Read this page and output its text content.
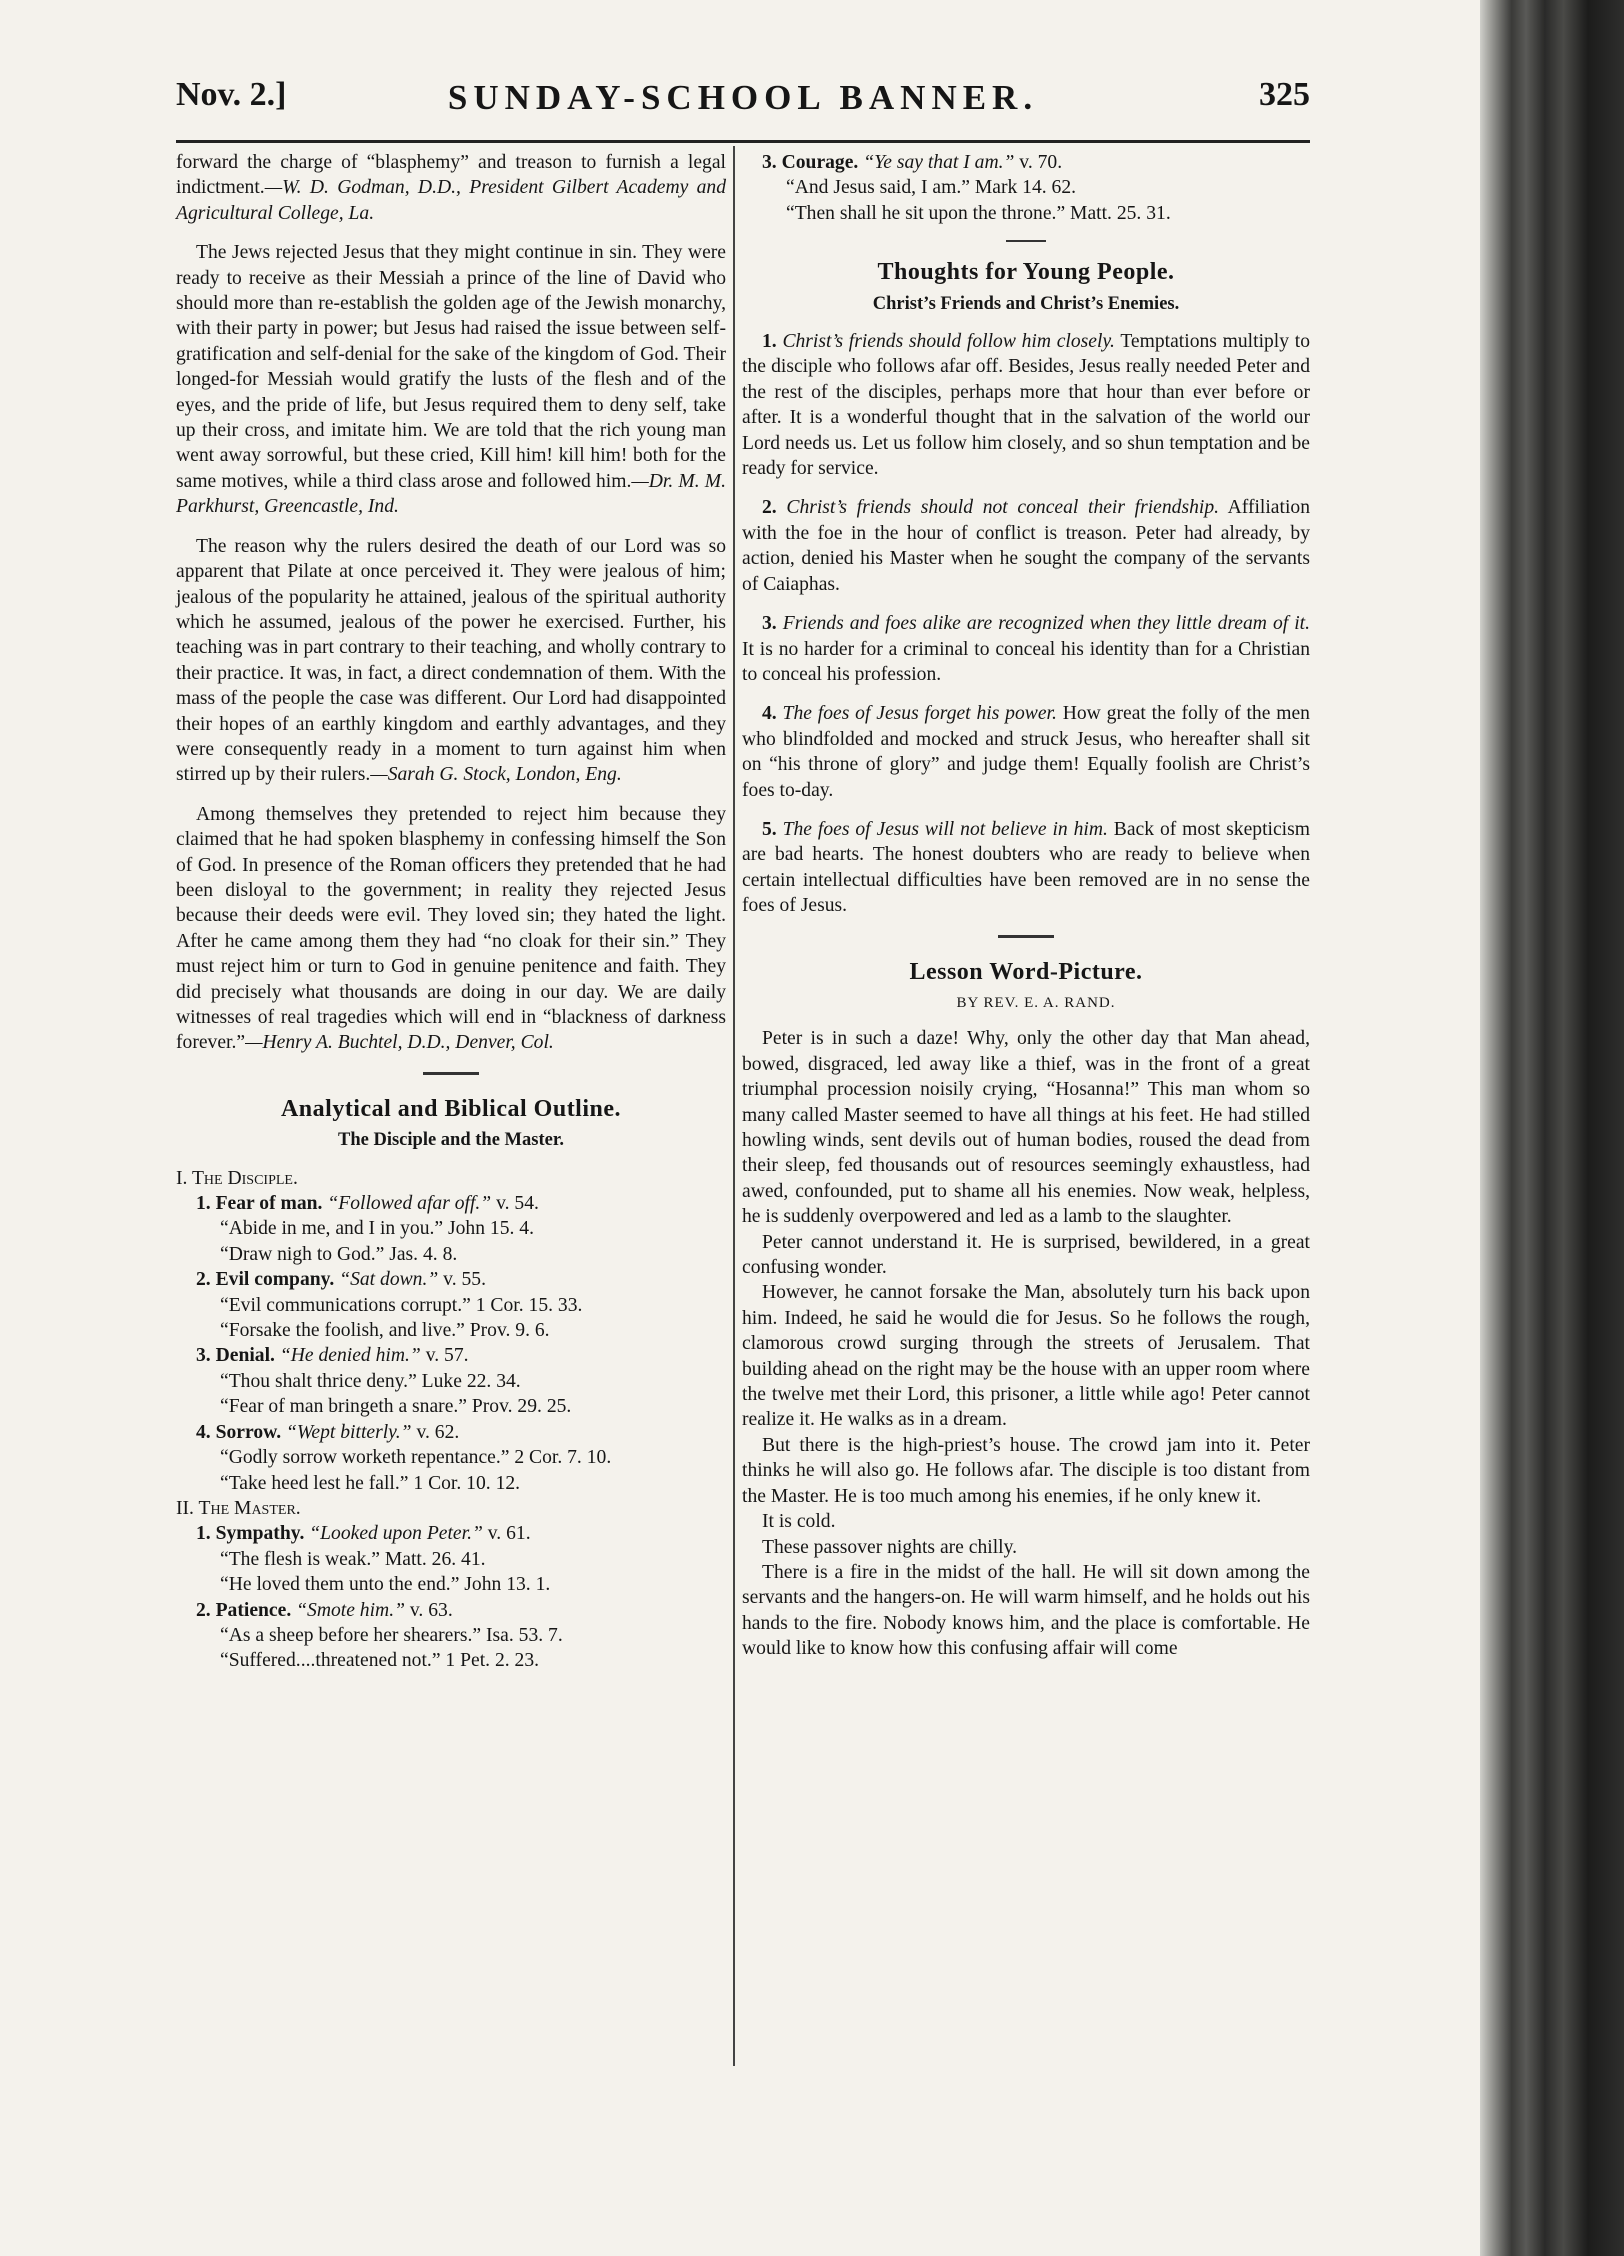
Nov. 2.]	SUNDAY-SCHOOL BANNER.	325

forward the charge of “blasphemy” and treason to furnish a legal indictment.—W. D. Godman, D.D., President Gilbert Academy and Agricultural College, La.

The Jews rejected Jesus that they might continue in sin. They were ready to receive as their Messiah a prince of the line of David who should more than re-establish the golden age of the Jewish monarchy, with their party in power; but Jesus had raised the issue between self-gratification and self-denial for the sake of the kingdom of God. Their longed-for Messiah would gratify the lusts of the flesh and of the eyes, and the pride of life, but Jesus required them to deny self, take up their cross, and imitate him. We are told that the rich young man went away sorrowful, but these cried, Kill him! kill him! both for the same motives, while a third class arose and followed him.—Dr. M. M. Parkhurst, Greencastle, Ind.

The reason why the rulers desired the death of our Lord was so apparent that Pilate at once perceived it. They were jealous of him; jealous of the popularity he attained, jealous of the spiritual authority which he assumed, jealous of the power he exercised. Further, his teaching was in part contrary to their teaching, and wholly contrary to their practice. It was, in fact, a direct condemnation of them. With the mass of the people the case was different. Our Lord had disappointed their hopes of an earthly kingdom and earthly advantages, and they were consequently ready in a moment to turn against him when stirred up by their rulers.—Sarah G. Stock, London, Eng.

Among themselves they pretended to reject him because they claimed that he had spoken blasphemy in confessing himself the Son of God. In presence of the Roman officers they pretended that he had been disloyal to the government; in reality they rejected Jesus because their deeds were evil. They loved sin; they hated the light. After he came among them they had “no cloak for their sin.” They must reject him or turn to God in genuine penitence and faith. They did precisely what thousands are doing in our day. We are daily witnesses of real tragedies which will end in “blackness of darkness forever.”—Henry A. Buchtel, D.D., Denver, Col.

Analytical and Biblical Outline.
The Disciple and the Master.

I. The Disciple.

1. Fear of man. “Followed afar off.” v. 54.

“Abide in me, and I in you.” John 15. 4.

“Draw nigh to God.” Jas. 4. 8.

2. Evil company. “Sat down.” v. 55.

“Evil communications corrupt.” 1 Cor. 15. 33.

“Forsake the foolish, and live.” Prov. 9. 6.

3. Denial. “He denied him.” v. 57.

“Thou shalt thrice deny.” Luke 22. 34.

“Fear of man bringeth a snare.” Prov. 29. 25.

4. Sorrow. “Wept bitterly.” v. 62.

“Godly sorrow worketh repentance.” 2 Cor. 7. 10.

“Take heed lest he fall.” 1 Cor. 10. 12.

II. The Master.

1. Sympathy. “Looked upon Peter.” v. 61.

“The flesh is weak.” Matt. 26. 41.

“He loved them unto the end.” John 13. 1.

2. Patience. “Smote him.” v. 63.

“As a sheep before her shearers.” Isa. 53. 7.

“Suffered....threatened not.” 1 Pet. 2. 23.

3. Courage. “Ye say that I am.” v. 70.

“And Jesus said, I am.” Mark 14. 62.

“Then shall he sit upon the throne.” Matt. 25. 31.

Thoughts for Young People.
Christ’s Friends and Christ’s Enemies.

1. Christ’s friends should follow him closely. Temptations multiply to the disciple who follows afar off. Besides, Jesus really needed Peter and the rest of the disciples, perhaps more that hour than ever before or after. It is a wonderful thought that in the salvation of the world our Lord needs us. Let us follow him closely, and so shun temptation and be ready for service.

2. Christ’s friends should not conceal their friendship. Affiliation with the foe in the hour of conflict is treason. Peter had already, by action, denied his Master when he sought the company of the servants of Caiaphas.

3. Friends and foes alike are recognized when they little dream of it. It is no harder for a criminal to conceal his identity than for a Christian to conceal his profession.

4. The foes of Jesus forget his power. How great the folly of the men who blindfolded and mocked and struck Jesus, who hereafter shall sit on “his throne of glory” and judge them! Equally foolish are Christ’s foes to-day.

5. The foes of Jesus will not believe in him. Back of most skepticism are bad hearts. The honest doubters who are ready to believe when certain intellectual difficulties have been removed are in no sense the foes of Jesus.

Lesson Word-Picture.

BY REV. E. A. RAND.

Peter is in such a daze! Why, only the other day that Man ahead, bowed, disgraced, led away like a thief, was in the front of a great triumphal procession noisily crying, “Hosanna!” This man whom so many called Master seemed to have all things at his feet. He had stilled howling winds, sent devils out of human bodies, roused the dead from their sleep, fed thousands out of resources seemingly exhaustless, had awed, confounded, put to shame all his enemies. Now weak, helpless, he is suddenly overpowered and led as a lamb to the slaughter.

Peter cannot understand it. He is surprised, bewildered, in a great confusing wonder.

However, he cannot forsake the Man, absolutely turn his back upon him. Indeed, he said he would die for Jesus. So he follows the rough, clamorous crowd surging through the streets of Jerusalem. That building ahead on the right may be the house with an upper room where the twelve met their Lord, this prisoner, a little while ago! Peter cannot realize it. He walks as in a dream.

But there is the high-priest’s house. The crowd jam into it. Peter thinks he will also go. He follows afar. The disciple is too distant from the Master. He is too much among his enemies, if he only knew it.

It is cold.

These passover nights are chilly.

There is a fire in the midst of the hall. He will sit down among the servants and the hangers-on. He will warm himself, and he holds out his hands to the fire. Nobody knows him, and the place is comfortable. He would like to know how this confusing affair will come
